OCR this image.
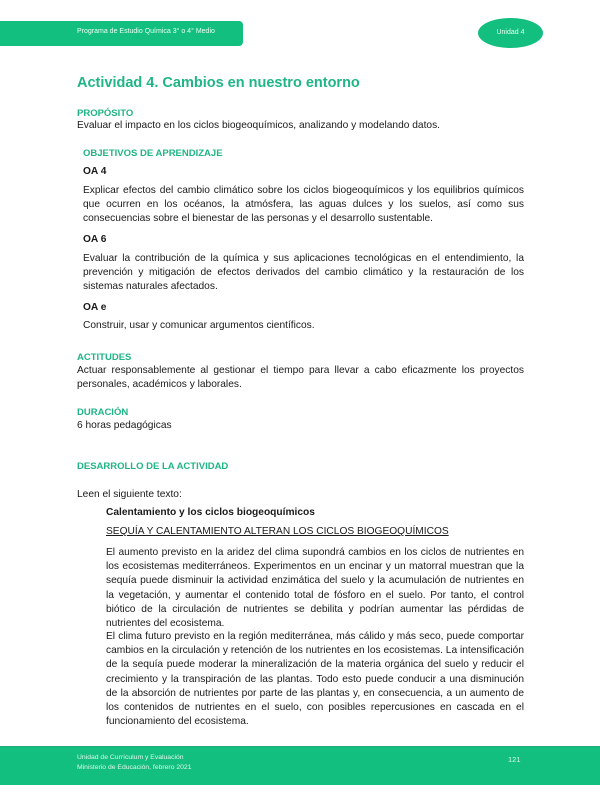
Programa de Estudio Química 3° o 4° Medio	Unidad 4
Actividad 4. Cambios en nuestro entorno
PROPÓSITO

Evaluar el impacto en los ciclos biogeoquímicos, analizando y modelando datos.

OBJETIVOS DE APRENDIZAJE

OA 4

Explicar efectos del cambio climático sobre los ciclos biogeoquímicos y los equilibrios químicos que ocurren en los océanos, la atmósfera, las aguas dulces y los suelos, así como sus consecuencias sobre el bienestar de las personas y el desarrollo sustentable.

OA 6

Evaluar la contribución de la química y sus aplicaciones tecnológicas en el entendimiento, la prevención y mitigación de efectos derivados del cambio climático y la restauración de los sistemas naturales afectados.

OA e

Construir, usar y comunicar argumentos científicos.

ACTITUDES

Actuar responsablemente al gestionar el tiempo para llevar a cabo eficazmente los proyectos personales, académicos y laborales.

DURACIÓN

6 horas pedagógicas

DESARROLLO DE LA ACTIVIDAD

Leen el siguiente texto:

Calentamiento y los ciclos biogeoquímicos

SEQUÍA Y CALENTAMIENTO ALTERAN LOS CICLOS BIOGEOQUÍMICOS

El aumento previsto en la aridez del clima supondrá cambios en los ciclos de nutrientes en los ecosistemas mediterráneos. Experimentos en un encinar y un matorral muestran que la sequía puede disminuir la actividad enzimática del suelo y la acumulación de nutrientes en la vegetación, y aumentar el contenido total de fósforo en el suelo. Por tanto, el control biótico de la circulación de nutrientes se debilita y podrían aumentar las pérdidas de nutrientes del ecosistema.

El clima futuro previsto en la región mediterránea, más cálido y más seco, puede comportar cambios en la circulación y retención de los nutrientes en los ecosistemas. La intensificación de la sequía puede moderar la mineralización de la materia orgánica del suelo y reducir el crecimiento y la transpiración de las plantas. Todo esto puede conducir a una disminución de la absorción de nutrientes por parte de las plantas y, en consecuencia, a un aumento de los contenidos de nutrientes en el suelo, con posibles repercusiones en cascada en el funcionamiento del ecosistema.

Unidad de Currículum y Evaluación
Ministerio de Educación, febrero 2021
121
